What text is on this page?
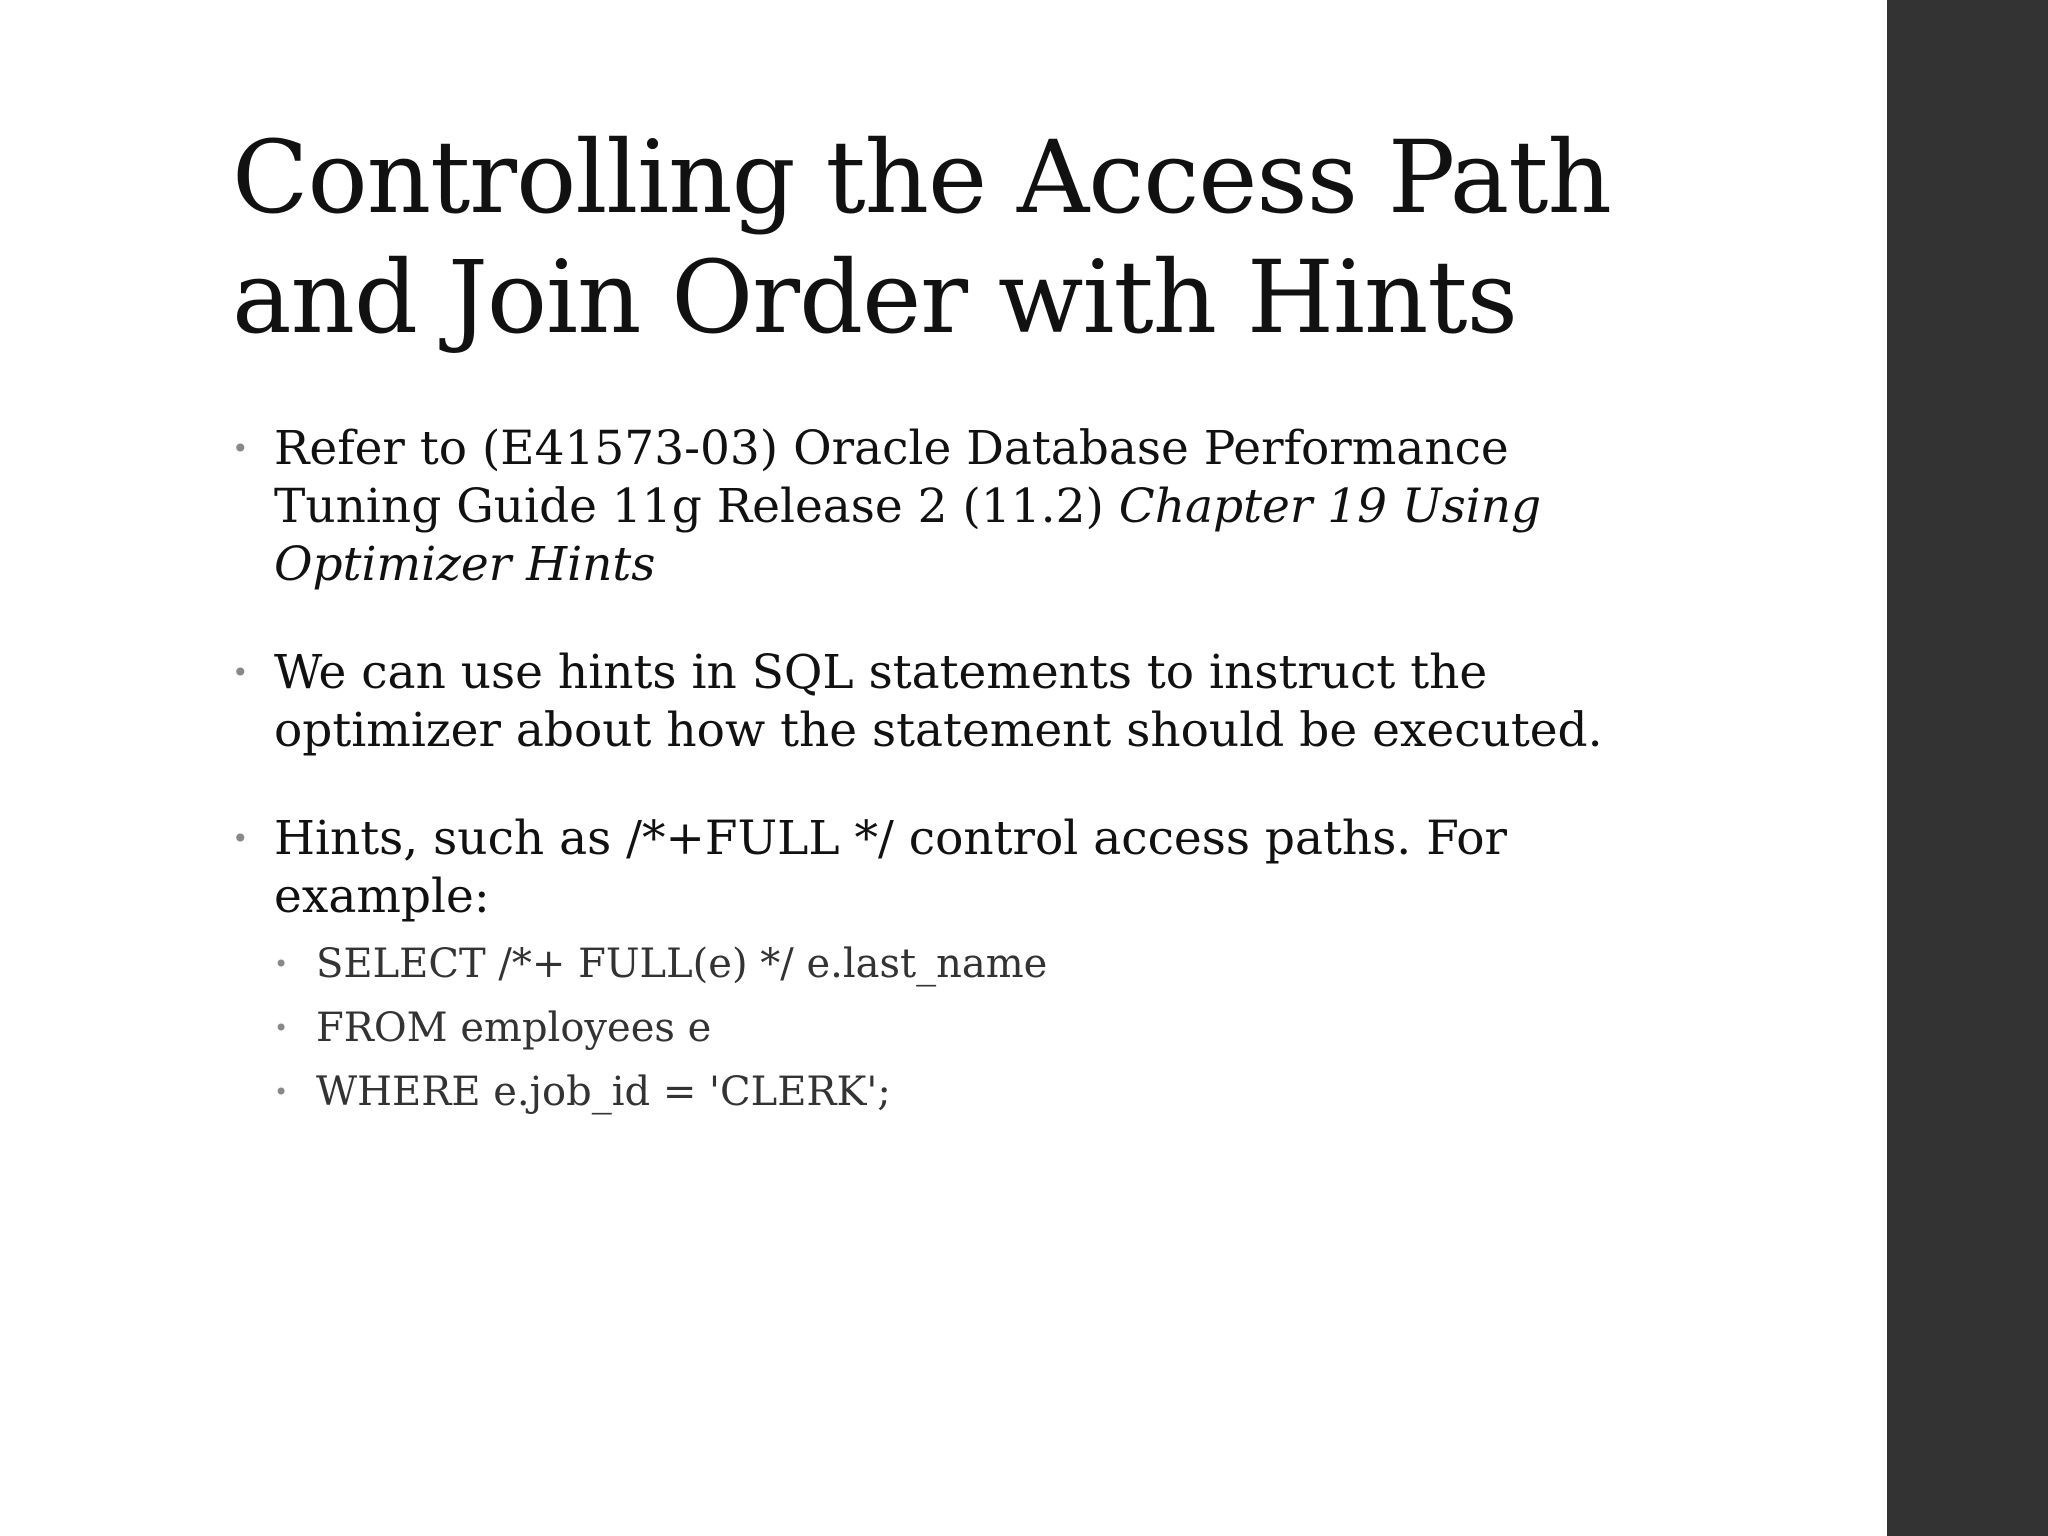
Controlling the Access Path
and Join Order with Hints
• Refer to (E41573-03) Oracle Database Performance Tuning Guide 11g Release 2 (11.2) Chapter 19 Using Optimizer Hints
• We can use hints in SQL statements to instruct the optimizer about how the statement should be executed.
• Hints, such as /*+FULL */ control access paths. For example:
• SELECT /*+ FULL(e) */ e.last_name
• FROM employees e
• WHERE e.job_id = 'CLERK';
